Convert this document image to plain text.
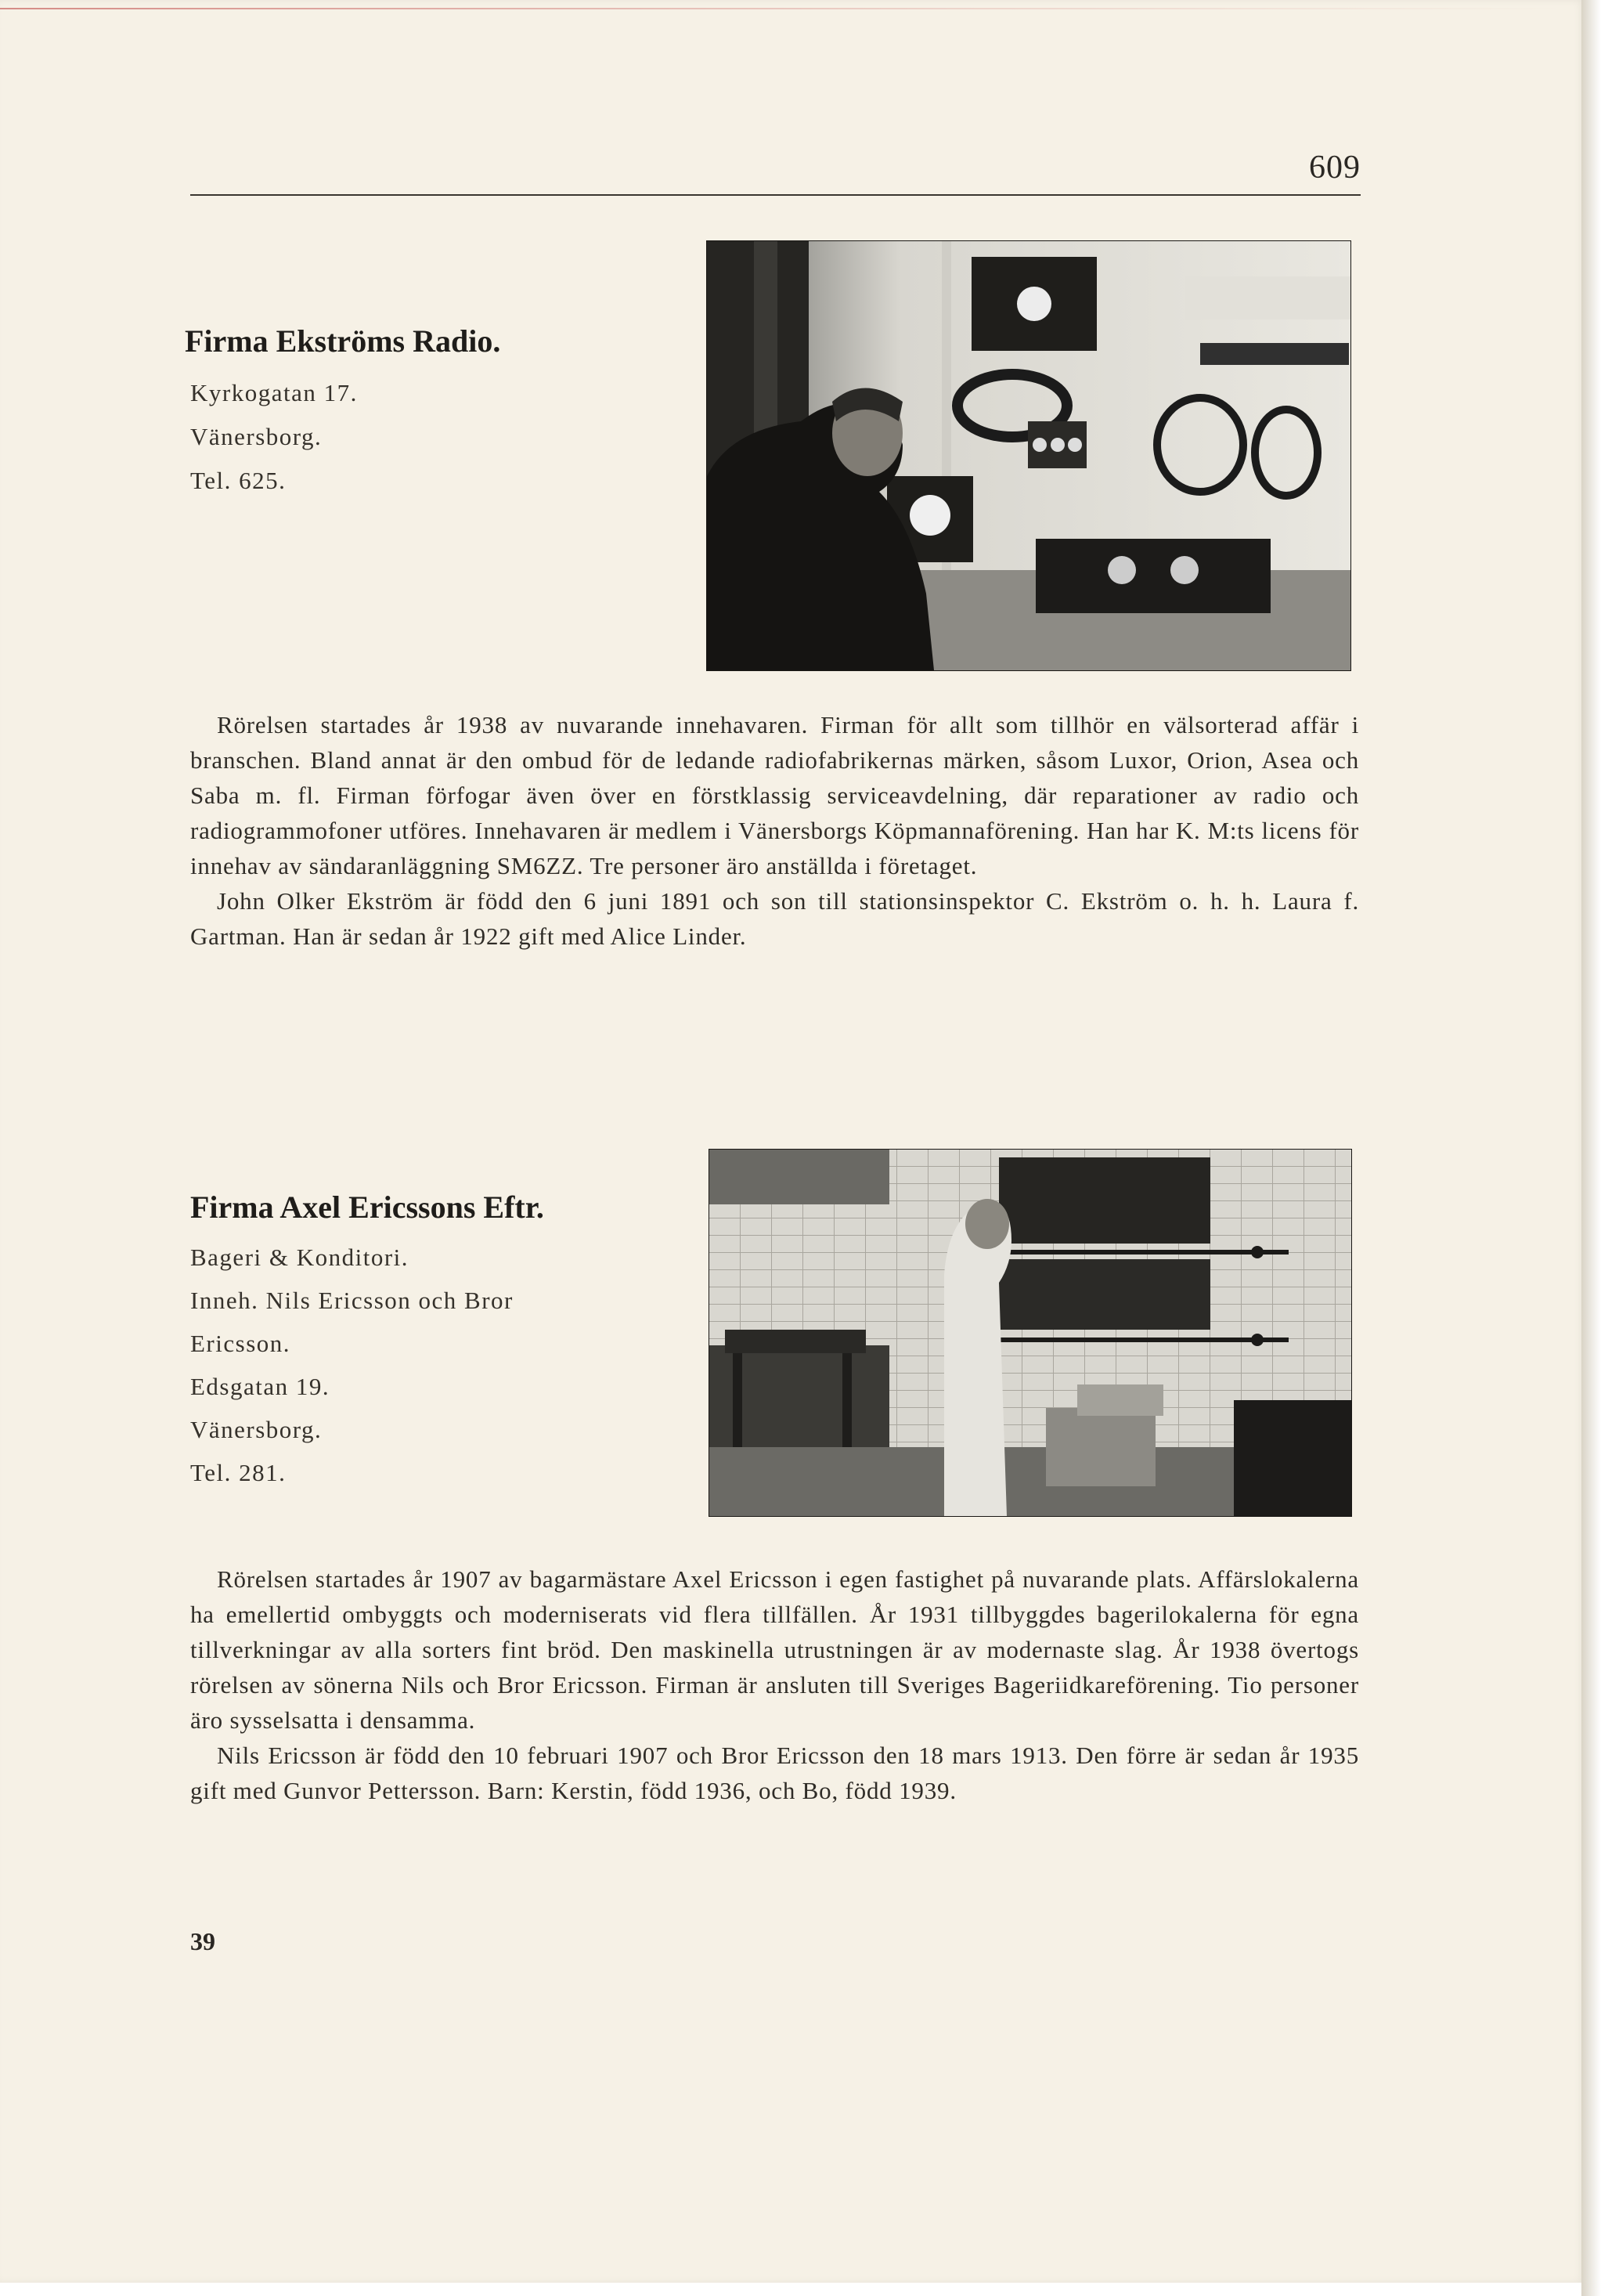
609
Firma Ekströms Radio.
Kyrkogatan 17.
Vänersborg.
Tel. 625.

Rörelsen startades år 1938 av nuvarande innehavaren. Firman för allt som tillhör en välsorterad affär i branschen. Bland annat är den ombud för de ledande radiofabrikernas märken, såsom Luxor, Orion, Asea och Saba m. fl. Firman förfogar även över en förstklassig serviceavdelning, där reparationer av radio och radiogrammofoner utföres. Innehavaren är medlem i Vänersborgs Köpmannaförening. Han har K. M:ts licens för innehav av sändaranläggning SM6ZZ. Tre personer äro anställda i företaget.

John Olker Ekström är född den 6 juni 1891 och son till stationsinspektor C. Ekström o. h. h. Laura f. Gartman. Han är sedan år 1922 gift med Alice Linder.

Firma Axel Ericssons Eftr.
Bageri & Konditori.
Inneh. Nils Ericsson och Bror
Ericsson.
Edsgatan 19.
Vänersborg.
Tel. 281.

Rörelsen startades år 1907 av bagarmästare Axel Ericsson i egen fastighet på nuvarande plats. Affärslokalerna ha emellertid ombyggts och moderniserats vid flera tillfällen. År 1931 tillbyggdes bagerilokalerna för egna tillverkningar av alla sorters fint bröd. Den maskinella utrustningen är av modernaste slag. År 1938 övertogs rörelsen av sönerna Nils och Bror Ericsson. Firman är ansluten till Sveriges Bageriidkareförening. Tio personer äro sysselsatta i densamma.

Nils Ericsson är född den 10 februari 1907 och Bror Ericsson den 18 mars 1913. Den förre är sedan år 1935 gift med Gunvor Pettersson. Barn: Kerstin, född 1936, och Bo, född 1939.

39
